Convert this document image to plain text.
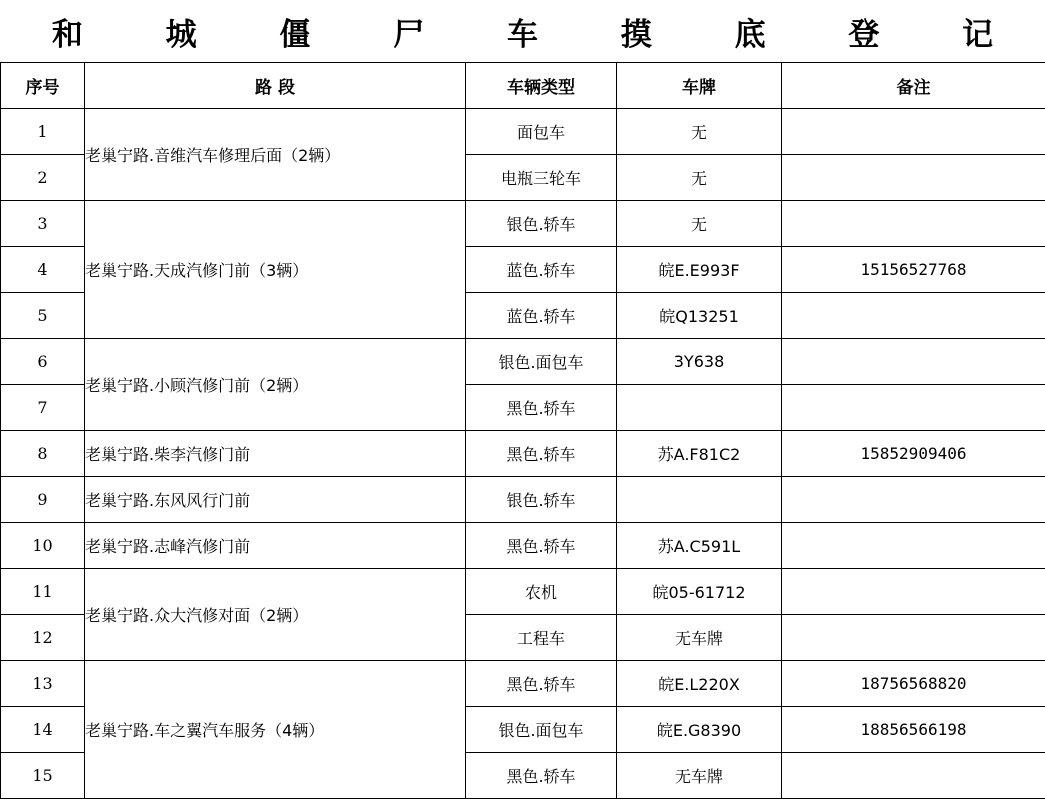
和 城 僵 尸 车 摸 底 登 记
序号	路 段	车辆类型	车牌	备注
1	老巢宁路.音维汽车修理后面（2辆）	面包车	无	
2		电瓶三轮车	无	
3	老巢宁路.天成汽修门前（3辆）	银色.轿车	无	
4		蓝色.轿车	皖E.E993F	15156527768
5		蓝色.轿车	皖Q13251	
6	老巢宁路.小顾汽修门前（2辆）	银色.面包车	3Y638	
7		黑色.轿车		
8	老巢宁路.柴李汽修门前	黑色.轿车	苏A.F81C2	15852909406
9	老巢宁路.东风风行门前	银色.轿车		
10	老巢宁路.志峰汽修门前	黑色.轿车	苏A.C591L	
11	老巢宁路.众大汽修对面（2辆）	农机	皖05-61712	
12		工程车	无车牌	
13	老巢宁路.车之翼汽车服务（4辆）	黑色.轿车	皖E.L220X	18756568820
14		银色.面包车	皖E.G8390	18856566198
15		黑色.轿车	无车牌	
